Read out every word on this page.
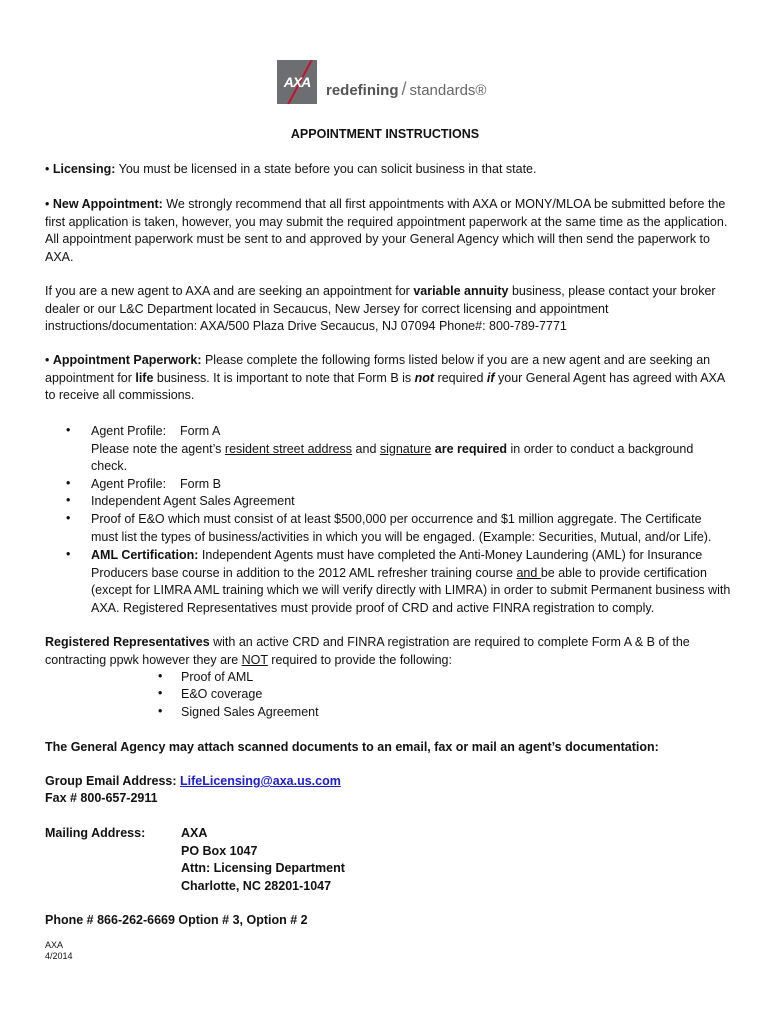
AXA redefining / standards®
APPOINTMENT INSTRUCTIONS
• Licensing: You must be licensed in a state before you can solicit business in that state.
• New Appointment: We strongly recommend that all first appointments with AXA or MONY/MLOA be submitted before the first application is taken, however, you may submit the required appointment paperwork at the same time as the application. All appointment paperwork must be sent to and approved by your General Agency which will then send the paperwork to AXA.
If you are a new agent to AXA and are seeking an appointment for variable annuity business, please contact your broker dealer or our L&C Department located in Secaucus, New Jersey for correct licensing and appointment instructions/documentation: AXA/500 Plaza Drive Secaucus, NJ 07094 Phone#: 800-789-7771
• Appointment Paperwork: Please complete the following forms listed below if you are a new agent and are seeking an appointment for life business. It is important to note that Form B is not required if your General Agent has agreed with AXA to receive all commissions.
• Agent Profile: Form A
Please note the agent’s resident street address and signature are required in order to conduct a background check.
• Agent Profile: Form B
• Independent Agent Sales Agreement
• Proof of E&O which must consist of at least $500,000 per occurrence and $1 million aggregate. The Certificate must list the types of business/activities in which you will be engaged. (Example: Securities, Mutual, and/or Life).
• AML Certification: Independent Agents must have completed the Anti-Money Laundering (AML) for Insurance Producers base course in addition to the 2012 AML refresher training course and be able to provide certification (except for LIMRA AML training which we will verify directly with LIMRA) in order to submit Permanent business with AXA. Registered Representatives must provide proof of CRD and active FINRA registration to comply.
Registered Representatives with an active CRD and FINRA registration are required to complete Form A & B of the contracting ppwk however they are NOT required to provide the following:
• Proof of AML
• E&O coverage
• Signed Sales Agreement
The General Agency may attach scanned documents to an email, fax or mail an agent’s documentation:
Group Email Address: LifeLicensing@axa.us.com
Fax # 800-657-2911
Mailing Address:	AXA
PO Box 1047
Attn: Licensing Department
Charlotte, NC 28201-1047
Phone # 866-262-6669 Option # 3, Option # 2
AXA
4/2014
